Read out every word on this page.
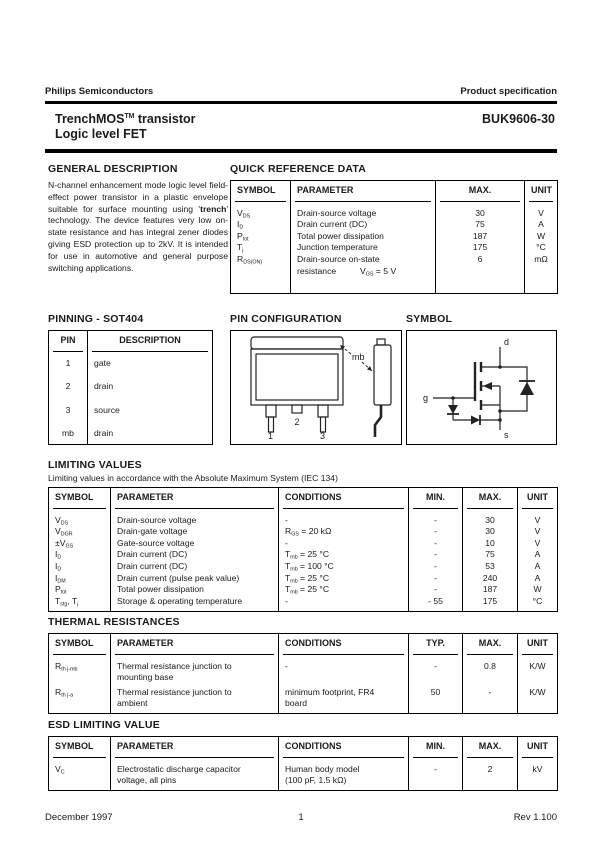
Philips Semiconductors	Product specification
TrenchMOS™ transistor
Logic level FET
BUK9606-30
GENERAL DESCRIPTION
N-channel enhancement mode logic level field-effect power transistor in a plastic envelope suitable for surface mounting using 'trench' technology. The device features very low on-state resistance and has integral zener diodes giving ESD protection up to 2kV. It is intended for use in automotive and general purpose switching applications.
QUICK REFERENCE DATA
SYMBOL	PARAMETER	MAX.	UNIT
$V_{DS}$	Drain-source voltage	30	V
$I_D$	Drain current (DC)	75	A
$P_{tot}$	Total power dissipation	187	W
$T_j$	Junction temperature	175	°C
$R_{DS(ON)}$	Drain-source on-state
resistance          $V_{GS} = 5$ V	6	mΩ
PINNING - SOT404
PIN	DESCRIPTION
1	gate
2	drain
3	source
mb	drain
PIN CONFIGURATION
mb
2
1	3
SYMBOL
d
g
s
LIMITING VALUES
Limiting values in accordance with the Absolute Maximum System (IEC 134)
SYMBOL	PARAMETER	CONDITIONS	MIN.	MAX.	UNIT
$V_{DS}$	Drain-source voltage	-	-	30	V
$V_{DGR}$	Drain-gate voltage	$R_{GS} = 20$ kΩ	-	30	V
$\pm V_{GS}$	Gate-source voltage	-	-	10	V
$I_D$	Drain current (DC)	$T_{mb} = 25$ °C	-	75	A
$I_D$	Drain current (DC)	$T_{mb} = 100$ °C	-	53	A
$I_{DM}$	Drain current (pulse peak value)	$T_{mb} = 25$ °C	-	240	A
$P_{tot}$	Total power dissipation	$T_{mb} = 25$ °C	-	187	W
$T_{stg}$, $T_j$	Storage & operating temperature	-	- 55	175	°C
THERMAL RESISTANCES
SYMBOL	PARAMETER	CONDITIONS	TYP.	MAX.	UNIT
$R_{th j-mb}$	Thermal resistance junction to
mounting base	-	-	0.8	K/W
$R_{th j-a}$	Thermal resistance junction to
ambient	minimum footprint, FR4
board	50	-	K/W
ESD LIMITING VALUE
SYMBOL	PARAMETER	CONDITIONS	MIN.	MAX.	UNIT
$V_C$	Electrostatic discharge capacitor
voltage, all pins	Human body model
(100 pF, 1.5 kΩ)	-	2	kV
1
December 1997	Rev 1.100
